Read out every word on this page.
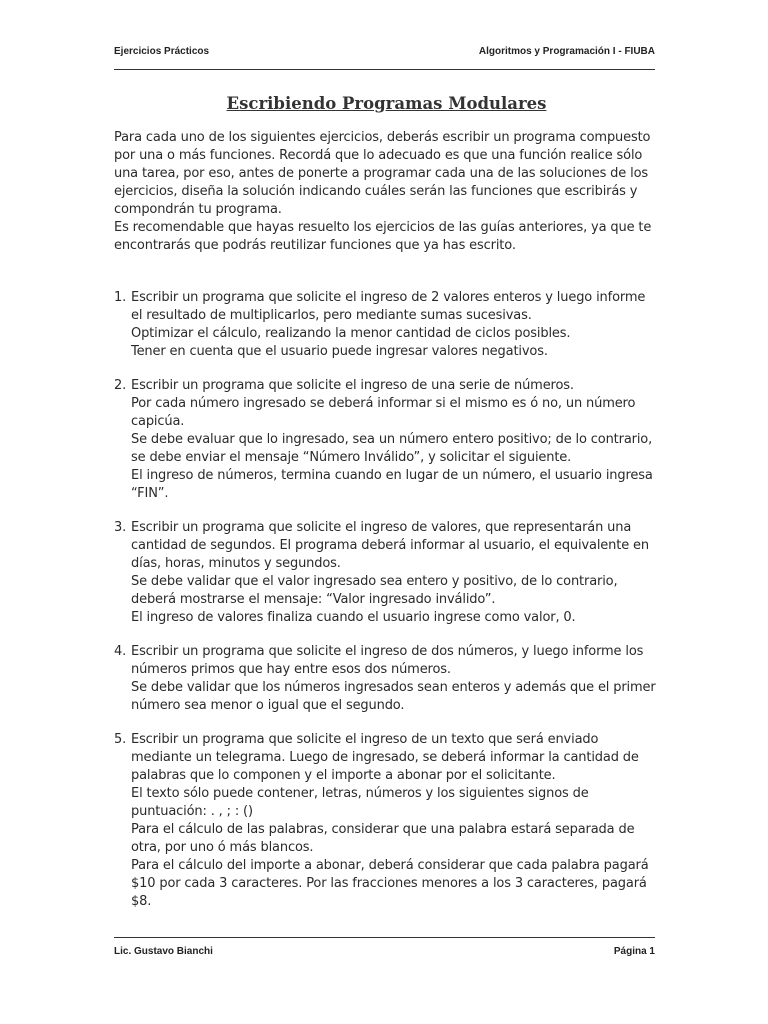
Ejercicios Prácticos	Algoritmos y Programación I - FIUBA
Escribiendo Programas Modulares

Para cada uno de los siguientes ejercicios, deberás escribir un programa compuesto por una o más funciones. Recordá que lo adecuado es que una función realice sólo una tarea, por eso, antes de ponerte a programar cada una de las soluciones de los ejercicios, diseña la solución indicando cuáles serán las funciones que escribirás y compondrán tu programa.

Es recomendable que hayas resuelto los ejercicios de las guías anteriores, ya que te encontrarás que podrás reutilizar funciones que ya has escrito.

1. Escribir un programa que solicite el ingreso de 2 valores enteros y luego informe el resultado de multiplicarlos, pero mediante sumas sucesivas.
Optimizar el cálculo, realizando la menor cantidad de ciclos posibles.
Tener en cuenta que el usuario puede ingresar valores negativos.
2. Escribir un programa que solicite el ingreso de una serie de números.
Por cada número ingresado se deberá informar si el mismo es ó no, un número capicúa.
Se debe evaluar que lo ingresado, sea un número entero positivo; de lo contrario, se debe enviar el mensaje “Número Inválido”, y solicitar el siguiente.
El ingreso de números, termina cuando en lugar de un número, el usuario ingresa “FIN”.
3. Escribir un programa que solicite el ingreso de valores, que representarán una cantidad de segundos. El programa deberá informar al usuario, el equivalente en días, horas, minutos y segundos.
Se debe validar que el valor ingresado sea entero y positivo, de lo contrario, deberá mostrarse el mensaje: “Valor ingresado inválido”.
El ingreso de valores finaliza cuando el usuario ingrese como valor, 0.
4. Escribir un programa que solicite el ingreso de dos números, y luego informe los números primos que hay entre esos dos números.
Se debe validar que los números ingresados sean enteros y además que el primer número sea menor o igual que el segundo.
5. Escribir un programa que solicite el ingreso de un texto que será enviado mediante un telegrama. Luego de ingresado, se deberá informar la cantidad de palabras que lo componen y el importe a abonar por el solicitante.
El texto sólo puede contener, letras, números y los siguientes signos de puntuación: . , ; : ()
Para el cálculo de las palabras, considerar que una palabra estará separada de otra, por uno ó más blancos.
Para el cálculo del importe a abonar, deberá considerar que cada palabra pagará $10 por cada 3 caracteres. Por las fracciones menores a los 3 caracteres, pagará $8.
Lic. Gustavo Bianchi	Página 1
